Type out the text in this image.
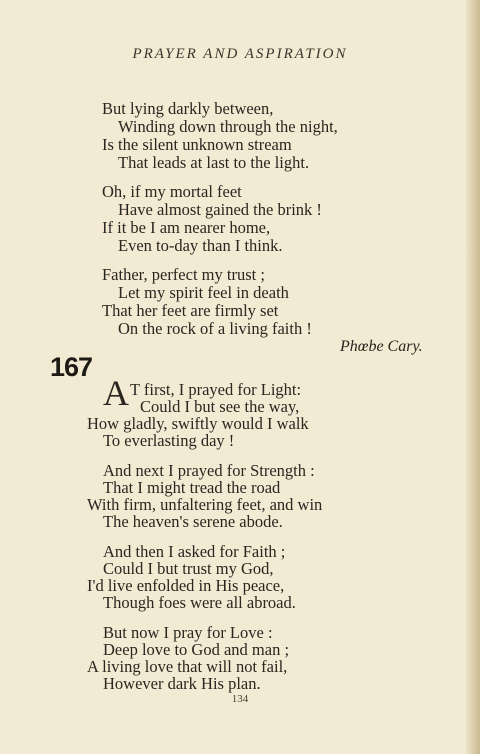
PRAYER AND ASPIRATION
But lying darkly between,
Winding down through the night,
Is the silent unknown stream
That leads at last to the light.
Oh, if my mortal feet
Have almost gained the brink !
If it be I am nearer home,
Even to-day than I think.
Father, perfect my trust ;
Let my spirit feel in death
That her feet are firmly set
On the rock of a living faith !
Phœbe Cary.
167
A T first, I prayed for Light:
Could I but see the way,
How gladly, swiftly would I walk
To everlasting day !
And next I prayed for Strength :
That I might tread the road
With firm, unfaltering feet, and win
The heaven's serene abode.
And then I asked for Faith ;
Could I but trust my God,
I'd live enfolded in His peace,
Though foes were all abroad.
But now I pray for Love :
Deep love to God and man ;
A living love that will not fail,
However dark His plan.
134
